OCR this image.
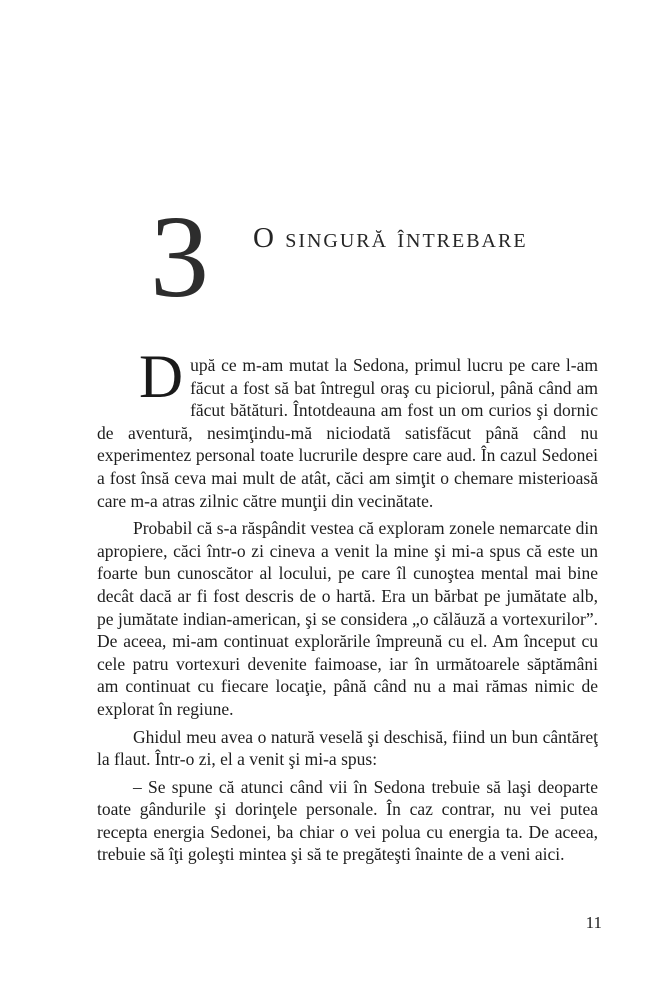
3 O singură întrebare

După ce m-am mutat la Sedona, primul lucru pe care l-am făcut a fost să bat întregul oraş cu piciorul, până când am făcut bătături. Întotdeauna am fost un om curios şi dornic de aventură, nesimţindu-mă niciodată satisfăcut până când nu experimentez personal toate lucrurile despre care aud. În cazul Sedonei a fost însă ceva mai mult de atât, căci am simţit o chemare misterioasă care m-a atras zilnic către munţii din vecinătate.

Probabil că s-a răspândit vestea că exploram zonele nemarcate din apropiere, căci într-o zi cineva a venit la mine şi mi-a spus că este un foarte bun cunoscător al locului, pe care îl cunoştea mental mai bine decât dacă ar fi fost descris de o hartă. Era un bărbat pe jumătate alb, pe jumătate indian-american, şi se considera „o călăuză a vortexurilor”. De aceea, mi-am continuat explorările împreună cu el. Am început cu cele patru vortexuri devenite faimoase, iar în următoarele săptămâni am continuat cu fiecare locaţie, până când nu a mai rămas nimic de explorat în regiune.

Ghidul meu avea o natură veselă şi deschisă, fiind un bun cântăreţ la flaut. Într-o zi, el a venit şi mi-a spus:

– Se spune că atunci când vii în Sedona trebuie să laşi deoparte toate gândurile şi dorinţele personale. În caz contrar, nu vei putea recepta energia Sedonei, ba chiar o vei polua cu energia ta. De aceea, trebuie să îţi goleşti mintea şi să te pregăteşti înainte de a veni aici.

11
